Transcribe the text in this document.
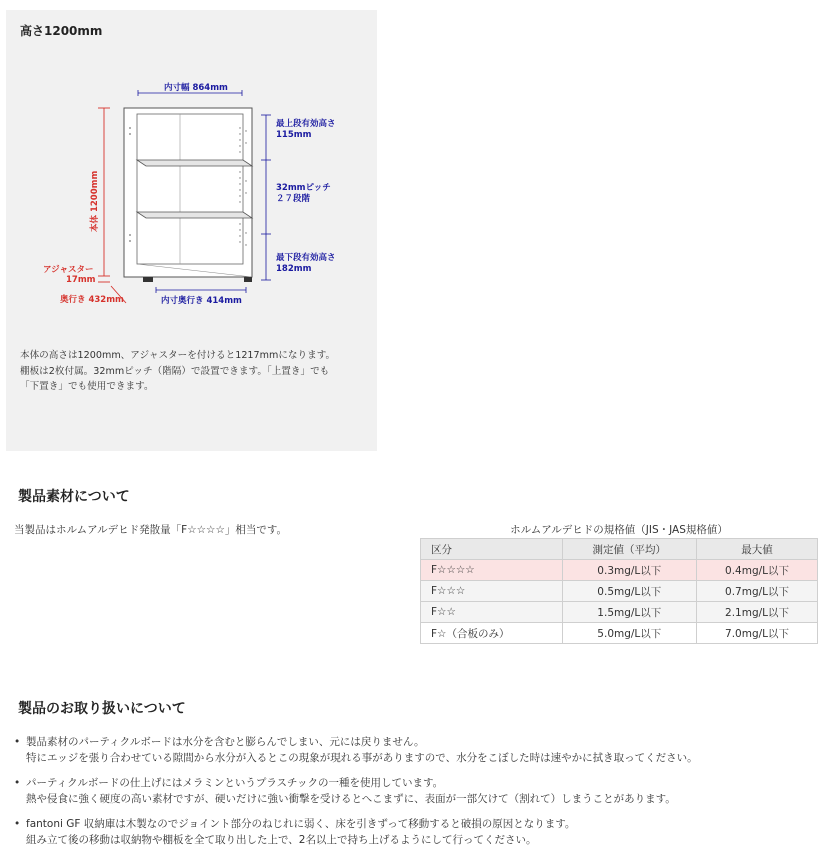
高さ1200mm
内寸幅 864mm
本体 1200mm
アジャスター
17mm
奥行き 432mm	内寸奥行き 414mm
最上段有効高さ
115mm
32mmピッチ
２７段階
最下段有効高さ
182mm
本体の高さは1200mm、アジャスターを付けると1217mmになります。
棚板は2枚付属。32mmピッチ（階隔）で設置できます。「上置き」でも
「下置き」でも使用できます。
製品素材について
当製品はホルムアルデヒド発散量「F☆☆☆☆」相当です。	ホルムアルデヒドの規格値（JIS・JAS規格値）
区分	測定値（平均）	最大値
F☆☆☆☆	0.3mg/L以下	0.4mg/L以下
F☆☆☆	0.5mg/L以下	0.7mg/L以下
F☆☆	1.5mg/L以下	2.1mg/L以下
F☆（合板のみ）	5.0mg/L以下	7.0mg/L以下
製品のお取り扱いについて
• 製品素材のパーティクルボードは水分を含むと膨らんでしまい、元には戻りません。
特にエッジを張り合わせている隙間から水分が入るとこの現象が現れる事がありますので、水分をこぼした時は速やかに拭き取ってください。
• パーティクルボードの仕上げにはメラミンというプラスチックの一種を使用しています。
熱や侵食に強く硬度の高い素材ですが、硬いだけに強い衝撃を受けるとへこまずに、表面が一部欠けて（割れて）しまうことがあります。
• fantoni GF 収納庫は木製なのでジョイント部分のねじれに弱く、床を引きずって移動すると破損の原因となります。
組み立て後の移動は収納物や棚板を全て取り出した上で、2名以上で持ち上げるようにして行ってください。
